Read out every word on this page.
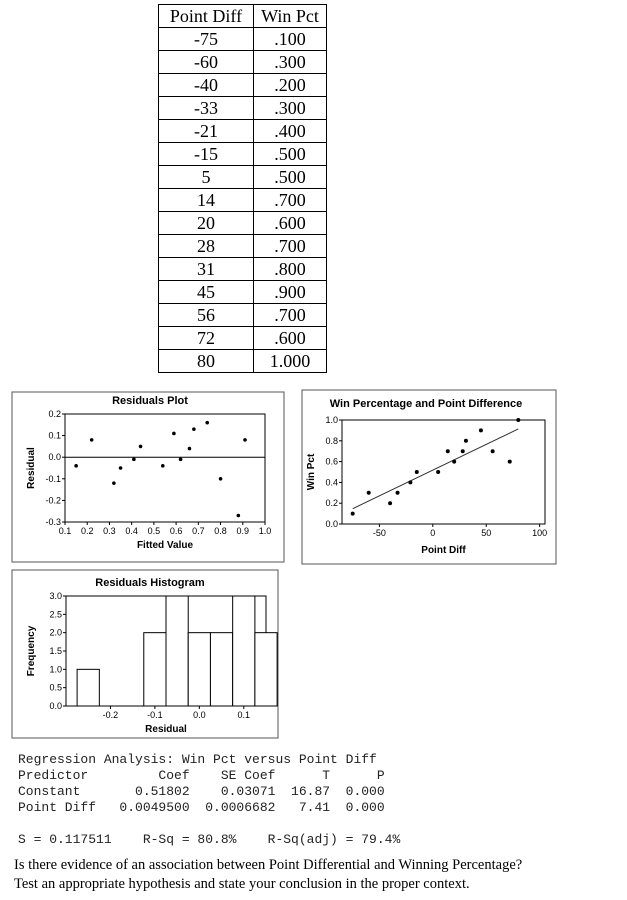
Point Diff	Win Pct
-75	.100
-60	.300
-40	.200
-33	.300
-21	.400
-15	.500
5	.500
14	.700
20	.600
28	.700
31	.800
45	.900
56	.700
72	.600
80	1.000
Residuals Plot
Fitted Value
Residual
0.2
0.1
0.0
-0.1
-0.2
-0.3
0.1 0.2 0.3 0.4 0.5 0.6 0.7 0.8 0.9 1.0
Win Percentage and Point Difference
Point Diff
Win Pct
1.0
0.8
0.6
0.4
0.2
0.0
-50	0	50	100
Residuals Histogram
Residual
Frequency
3.0
2.5
2.0
1.5
1.0
0.5
0.0
-0.2	-0.1	0.0	0.1
Regression Analysis: Win Pct versus Point Diff
Predictor         Coef    SE Coef      T      P
Constant       0.51802    0.03071  16.87  0.000
Point Diff   0.0049500  0.0006682   7.41  0.000
S = 0.117511    R-Sq = 80.8%    R-Sq(adj) = 79.4%

Is there evidence of an association between Point Differential and Winning Percentage?
Test an appropriate hypothesis and state your conclusion in the proper context.
